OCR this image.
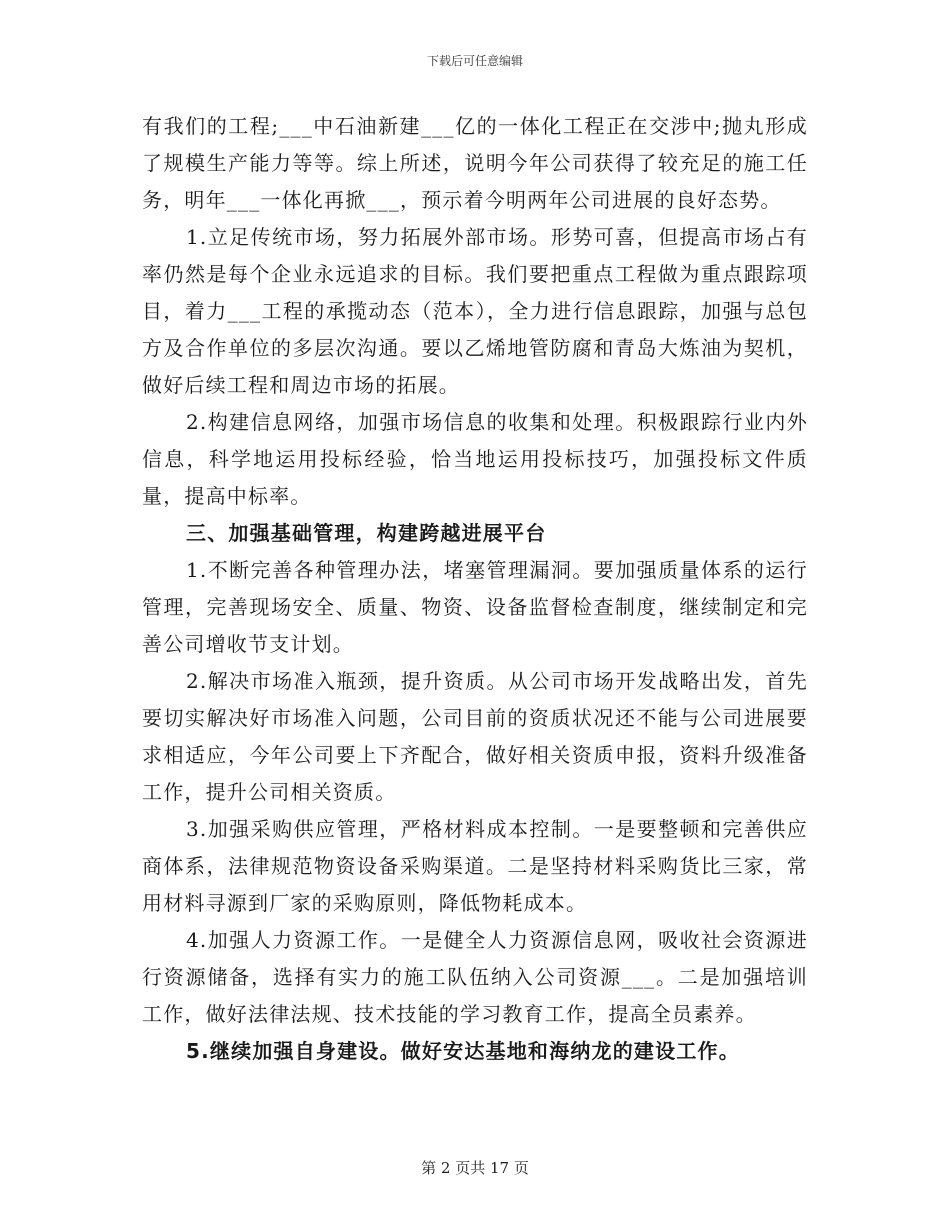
下载后可任意编辑

有我们的工程;___中石油新建___亿的一体化工程正在交涉中;抛丸形成了规模生产能力等等。综上所述，说明今年公司获得了较充足的施工任务，明年___一体化再掀___，预示着今明两年公司进展的良好态势。

1.立足传统市场，努力拓展外部市场。形势可喜，但提高市场占有率仍然是每个企业永远追求的目标。我们要把重点工程做为重点跟踪项目，着力___工程的承揽动态（范本），全力进行信息跟踪，加强与总包方及合作单位的多层次沟通。要以乙烯地管防腐和青岛大炼油为契机，做好后续工程和周边市场的拓展。

2.构建信息网络，加强市场信息的收集和处理。积极跟踪行业内外信息，科学地运用投标经验，恰当地运用投标技巧，加强投标文件质量，提高中标率。

三、加强基础管理，构建跨越进展平台

1.不断完善各种管理办法，堵塞管理漏洞。要加强质量体系的运行管理，完善现场安全、质量、物资、设备监督检查制度，继续制定和完善公司增收节支计划。

2.解决市场准入瓶颈，提升资质。从公司市场开发战略出发，首先要切实解决好市场准入问题，公司目前的资质状况还不能与公司进展要求相适应，今年公司要上下齐配合，做好相关资质申报，资料升级准备工作，提升公司相关资质。

3.加强采购供应管理，严格材料成本控制。一是要整顿和完善供应商体系，法律规范物资设备采购渠道。二是坚持材料采购货比三家，常用材料寻源到厂家的采购原则，降低物耗成本。

4.加强人力资源工作。一是健全人力资源信息网，吸收社会资源进行资源储备，选择有实力的施工队伍纳入公司资源___。二是加强培训工作，做好法律法规、技术技能的学习教育工作，提高全员素养。

5.继续加强自身建设。做好安达基地和海纳龙的建设工作。

第 2 页共 17 页
